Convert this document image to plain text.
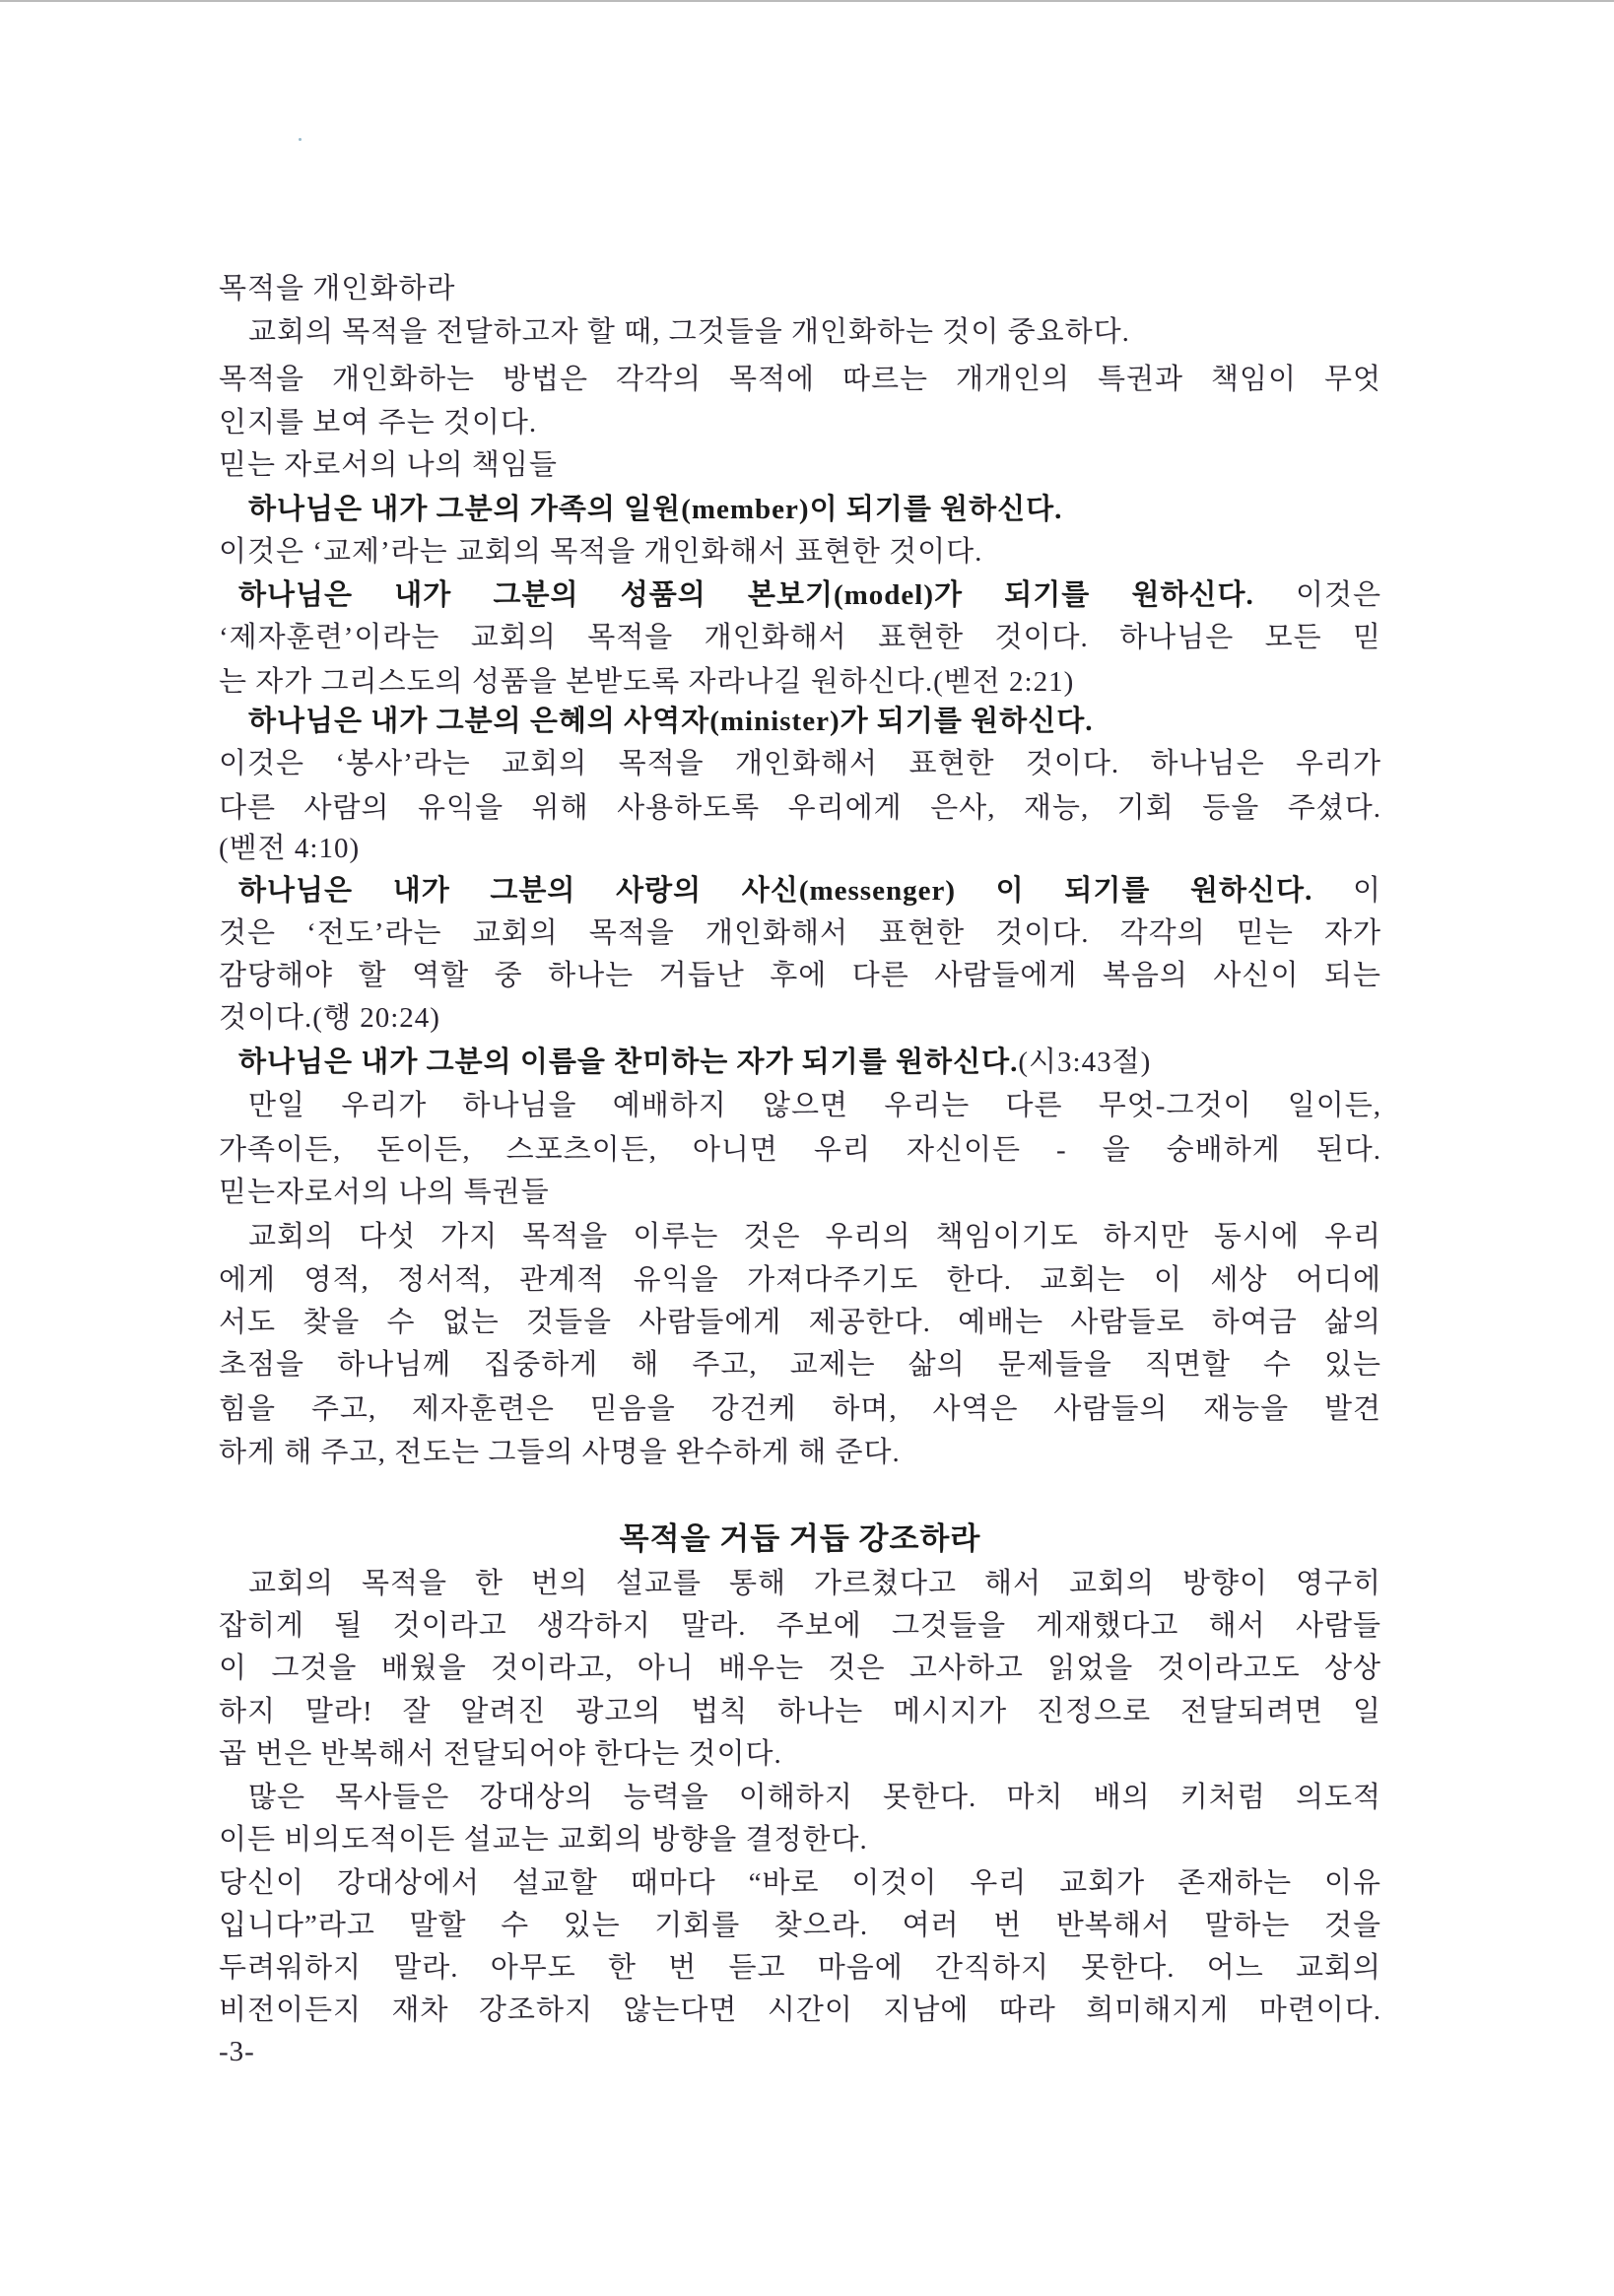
목적을 개인화하라
교회의 목적을 전달하고자 할 때, 그것들을 개인화하는 것이 중요하다.
목적을 개인화하는 방법은 각각의 목적에 따르는 개개인의 특권과 책임이 무엇
인지를 보여 주는 것이다.
믿는 자로서의 나의 책임들
하나님은 내가 그분의 가족의 일원(member)이 되기를 원하신다.
이것은 ‘교제’라는 교회의 목적을 개인화해서 표현한 것이다.
하나님은 내가 그분의 성품의 본보기(model)가 되기를 원하신다. 이것은
‘제자훈련’이라는 교회의 목적을 개인화해서 표현한 것이다. 하나님은 모든 믿
는 자가 그리스도의 성품을 본받도록 자라나길 원하신다.(벧전 2:21)
하나님은 내가 그분의 은혜의 사역자(minister)가 되기를 원하신다.
이것은 ‘봉사’라는 교회의 목적을 개인화해서 표현한 것이다. 하나님은 우리가
다른 사람의 유익을 위해 사용하도록 우리에게 은사, 재능, 기회 등을 주셨다.
(벧전 4:10)
하나님은 내가 그분의 사랑의 사신(messenger) 이 되기를 원하신다. 이
것은 ‘전도’라는 교회의 목적을 개인화해서 표현한 것이다. 각각의 믿는 자가
감당해야 할 역할 중 하나는 거듭난 후에 다른 사람들에게 복음의 사신이 되는
것이다.(행 20:24)
하나님은 내가 그분의 이름을 찬미하는 자가 되기를 원하신다.(시3:43절)
만일 우리가 하나님을 예배하지 않으면 우리는 다른 무엇-그것이 일이든,
가족이든, 돈이든, 스포츠이든, 아니면 우리 자신이든 - 을 숭배하게 된다.
믿는자로서의 나의 특권들
교회의 다섯 가지 목적을 이루는 것은 우리의 책임이기도 하지만 동시에 우리
에게 영적, 정서적, 관계적 유익을 가져다주기도 한다. 교회는 이 세상 어디에
서도 찾을 수 없는 것들을 사람들에게 제공한다. 예배는 사람들로 하여금 삶의
초점을 하나님께 집중하게 해 주고, 교제는 삶의 문제들을 직면할 수 있는
힘을 주고, 제자훈련은 믿음을 강건케 하며, 사역은 사람들의 재능을 발견
하게 해 주고, 전도는 그들의 사명을 완수하게 해 준다.
목적을 거듭 거듭 강조하라
교회의 목적을 한 번의 설교를 통해 가르쳤다고 해서 교회의 방향이 영구히
잡히게 될 것이라고 생각하지 말라. 주보에 그것들을 게재했다고 해서 사람들
이 그것을 배웠을 것이라고, 아니 배우는 것은 고사하고 읽었을 것이라고도 상상
하지 말라! 잘 알려진 광고의 법칙 하나는 메시지가 진정으로 전달되려면 일
곱 번은 반복해서 전달되어야 한다는 것이다.
많은 목사들은 강대상의 능력을 이해하지 못한다. 마치 배의 키처럼 의도적
이든 비의도적이든 설교는 교회의 방향을 결정한다.
당신이 강대상에서 설교할 때마다 “바로 이것이 우리 교회가 존재하는 이유
입니다”라고 말할 수 있는 기회를 찾으라. 여러 번 반복해서 말하는 것을
두려워하지 말라. 아무도 한 번 듣고 마음에 간직하지 못한다. 어느 교회의
비전이든지 재차 강조하지 않는다면 시간이 지남에 따라 희미해지게 마련이다.
-3-
